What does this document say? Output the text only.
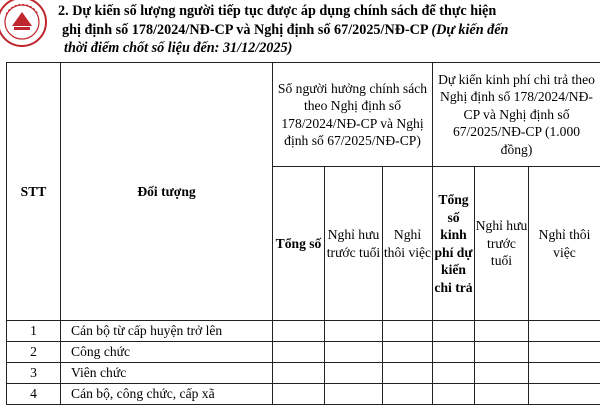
2. Dự kiến số lượng người tiếp tục được áp dụng chính sách để thực hiện
ghị định số 178/2024/NĐ-CP và Nghị định số 67/2025/NĐ-CP (Dự kiến đến
thời điểm chốt số liệu đến: 31/12/2025)
STT	Đối tượng	Số người hưởng chính sách theo Nghị định số 178/2024/NĐ-CP và Nghị định số 67/2025/NĐ-CP)			Dự kiến kinh phí chi trả theo Nghị định số 178/2024/NĐ-CP và Nghị định số 67/2025/NĐ-CP (1.000 đồng)		
		Tổng số	Nghỉ hưu trước tuổi	Nghỉ thôi việc	Tổng số kinh phí dự kiến chi trả	Nghỉ hưu trước tuổi	Nghỉ thôi việc
1	Cán bộ từ cấp huyện trở lên						
2	Công chức						
3	Viên chức						
4	Cán bộ, công chức, cấp xã						
